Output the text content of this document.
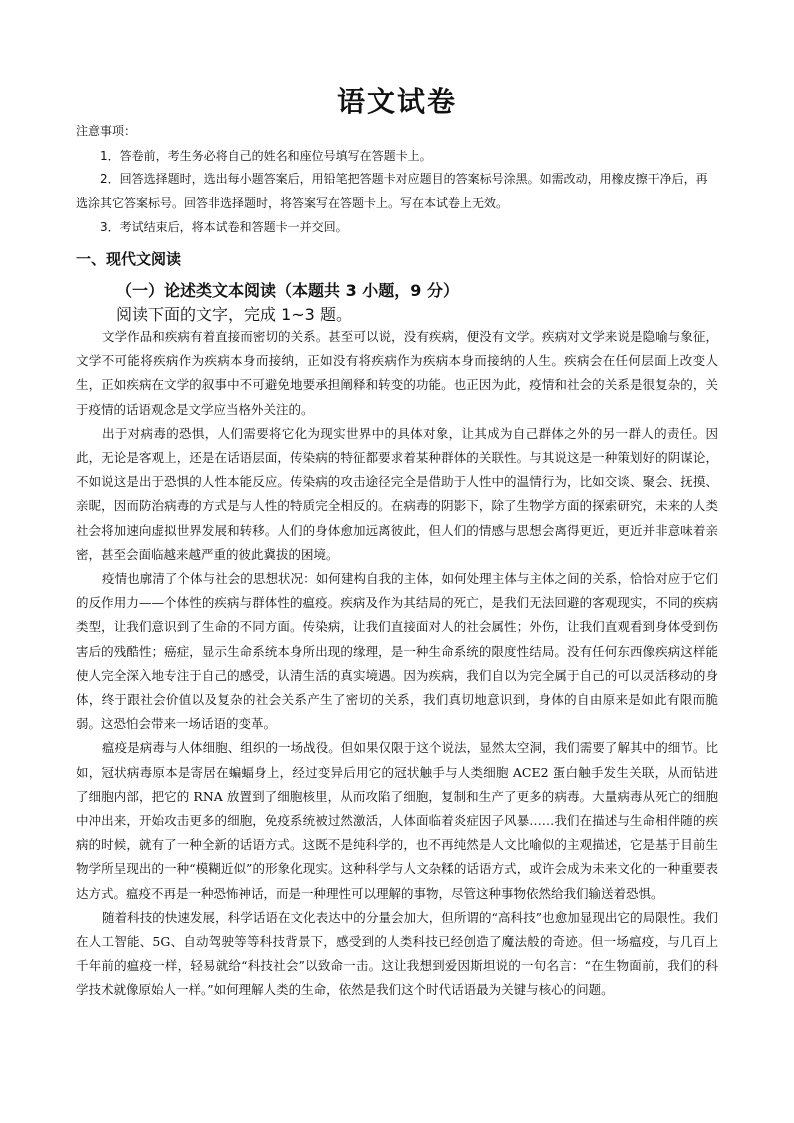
语文试卷
注意事项：

1．答卷前，考生务必将自己的姓名和座位号填写在答题卡上。

2．回答选择题时，选出每小题答案后，用铅笔把答题卡对应题目的答案标号涂黑。如需改动，用橡皮擦干净后，再选涂其它答案标号。回答非选择题时，将答案写在答题卡上。写在本试卷上无效。

3．考试结束后，将本试卷和答题卡一并交回。

一、现代文阅读
（一）论述类文本阅读（本题共 3 小题，9 分）
阅读下面的文字，完成 1~3 题。

文学作品和疾病有着直接而密切的关系。甚至可以说，没有疾病，便没有文学。疾病对文学来说是隐喻与象征，文学不可能将疾病作为疾病本身而接纳，正如没有将疾病作为疾病本身而接纳的人生。疾病会在任何层面上改变人生，正如疾病在文学的叙事中不可避免地要承担阐释和转变的功能。也正因为此，疫情和社会的关系是很复杂的，关于疫情的话语观念是文学应当格外关注的。

出于对病毒的恐惧，人们需要将它化为现实世界中的具体对象，让其成为自己群体之外的另一群人的责任。因此，无论是客观上，还是在话语层面，传染病的特征都要求着某种群体的关联性。与其说这是一种策划好的阴谋论，不如说这是出于恐惧的人性本能反应。传染病的攻击途径完全是借助于人性中的温情行为，比如交谈、聚会、抚摸、亲昵，因而防治病毒的方式是与人性的特质完全相反的。在病毒的阴影下，除了生物学方面的探索研究，未来的人类社会将加速向虚拟世界发展和转移。人们的身体愈加远离彼此，但人们的情感与思想会离得更近，更近并非意味着亲密，甚至会面临越来越严重的彼此冀拔的困境。

疫情也廓清了个体与社会的思想状况：如何建构自我的主体，如何处理主体与主体之间的关系，恰恰对应于它们的反作用力——个体性的疾病与群体性的瘟疫。疾病及作为其结局的死亡，是我们无法回避的客观现实，不同的疾病类型，让我们意识到了生命的不同方面。传染病，让我们直接面对人的社会属性；外伤，让我们直观看到身体受到伤害后的残酷性；癌症，显示生命系统本身所出现的缘理，是一种生命系统的限度性结局。没有任何东西像疾病这样能使人完全深入地专注于自己的感受，认清生活的真实境遇。因为疾病，我们自以为完全属于自己的可以灵活移动的身体，终于跟社会价值以及复杂的社会关系产生了密切的关系，我们真切地意识到，身体的自由原来是如此有限而脆弱。这恐怕会带来一场话语的变革。

瘟疫是病毒与人体细胞、组织的一场战役。但如果仅限于这个说法，显然太空洞，我们需要了解其中的细节。比如，冠状病毒原本是寄居在蝙蝠身上，经过变异后用它的冠状触手与人类细胞 ACE2 蛋白触手发生关联，从而钻进了细胞内部，把它的 RNA 放置到了细胞核里，从而攻陷了细胞，复制和生产了更多的病毒。大量病毒从死亡的细胞中冲出来，开始攻击更多的细胞，免疫系统被过然激活，人体面临着炎症因子风暴……我们在描述与生命相伴随的疾病的时候，就有了一种全新的话语方式。这既不是纯科学的，也不再纯然是人文比喻似的主观描述，它是基于目前生物学所呈现出的一种“模糊近似”的形象化现实。这种科学与人文杂糅的话语方式，或许会成为未来文化的一种重要表达方式。瘟疫不再是一种恐怖神话，而是一种理性可以理解的事物，尽管这种事物依然给我们输送着恐惧。

随着科技的快速发展，科学话语在文化表达中的分量会加大，但所谓的“高科技”也愈加显现出它的局限性。我们在人工智能、5G、自动驾驶等等科技背景下，感受到的人类科技已经创造了魔法般的奇迹。但一场瘟疫，与几百上千年前的瘟疫一样，轻易就给“科技社会”以致命一击。这让我想到爱因斯坦说的一句名言：“在生物面前，我们的科学技术就像原始人一样。”如何理解人类的生命，依然是我们这个时代话语最为关键与核心的问题。
